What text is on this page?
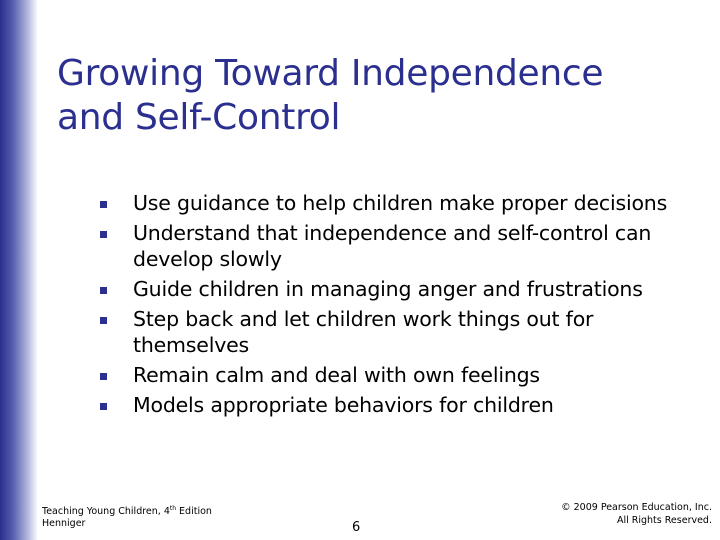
Growing Toward Independence
and Self-Control
Use guidance to help children make proper decisions
Understand that independence and self-control can develop slowly
Guide children in managing anger and frustrations
Step back and let children work things out for themselves
Remain calm and deal with own feelings
Models appropriate behaviors for children
Teaching Young Children, 4th Edition
Henniger	6
© 2009 Pearson Education, Inc.
All Rights Reserved.
